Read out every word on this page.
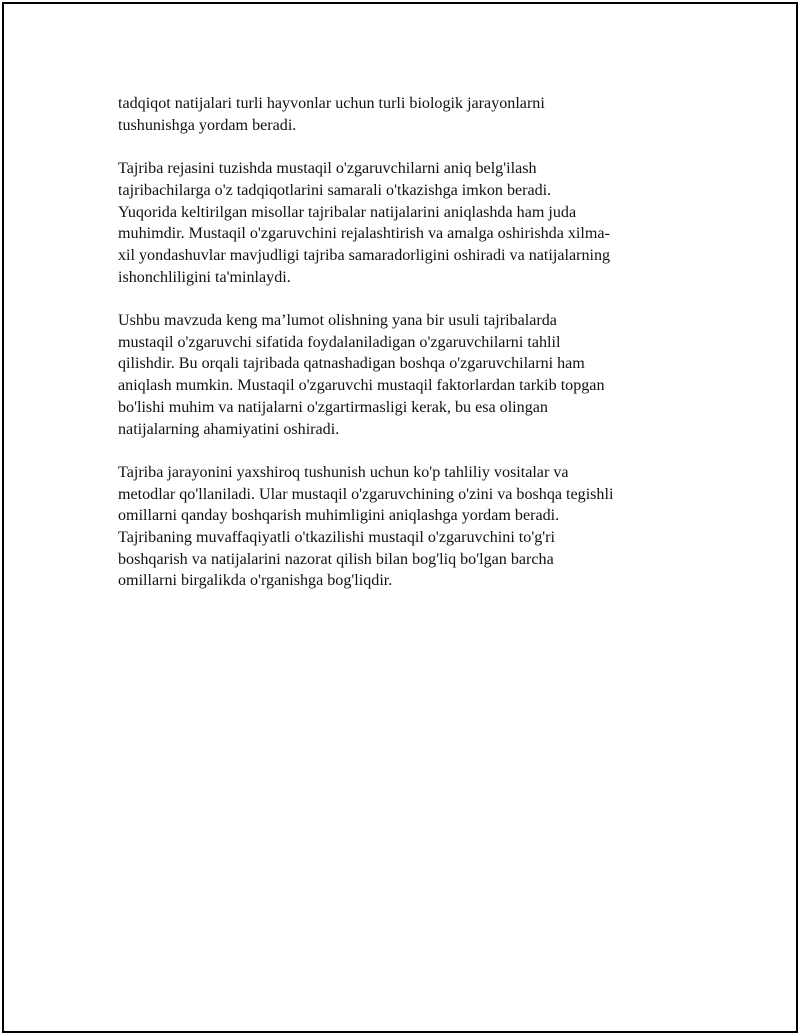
tadqiqot natijalari turli hayvonlar uchun turli biologik jarayonlarni
tushunishga yordam beradi.

Tajriba rejasini tuzishda mustaqil o'zgaruvchilarni aniq belg'ilash
tajribachilarga o'z tadqiqotlarini samarali o'tkazishga imkon beradi.
Yuqorida keltirilgan misollar tajribalar natijalarini aniqlashda ham juda
muhimdir. Mustaqil o'zgaruvchini rejalashtirish va amalga oshirishda xilma-
xil yondashuvlar mavjudligi tajriba samaradorligini oshiradi va natijalarning
ishonchliligini ta'minlaydi.

Ushbu mavzuda keng ma’lumot olishning yana bir usuli tajribalarda
mustaqil o'zgaruvchi sifatida foydalaniladigan o'zgaruvchilarni tahlil
qilishdir. Bu orqali tajribada qatnashadigan boshqa o'zgaruvchilarni ham
aniqlash mumkin. Mustaqil o'zgaruvchi mustaqil faktorlardan tarkib topgan
bo'lishi muhim va natijalarni o'zgartirmasligi kerak, bu esa olingan
natijalarning ahamiyatini oshiradi.

Tajriba jarayonini yaxshiroq tushunish uchun ko'p tahliliy vositalar va
metodlar qo'llaniladi. Ular mustaqil o'zgaruvchining o'zini va boshqa tegishli
omillarni qanday boshqarish muhimligini aniqlashga yordam beradi.
Tajribaning muvaffaqiyatli o'tkazilishi mustaqil o'zgaruvchini to'g'ri
boshqarish va natijalarini nazorat qilish bilan bog'liq bo'lgan barcha
omillarni birgalikda o'rganishga bog'liqdir.
